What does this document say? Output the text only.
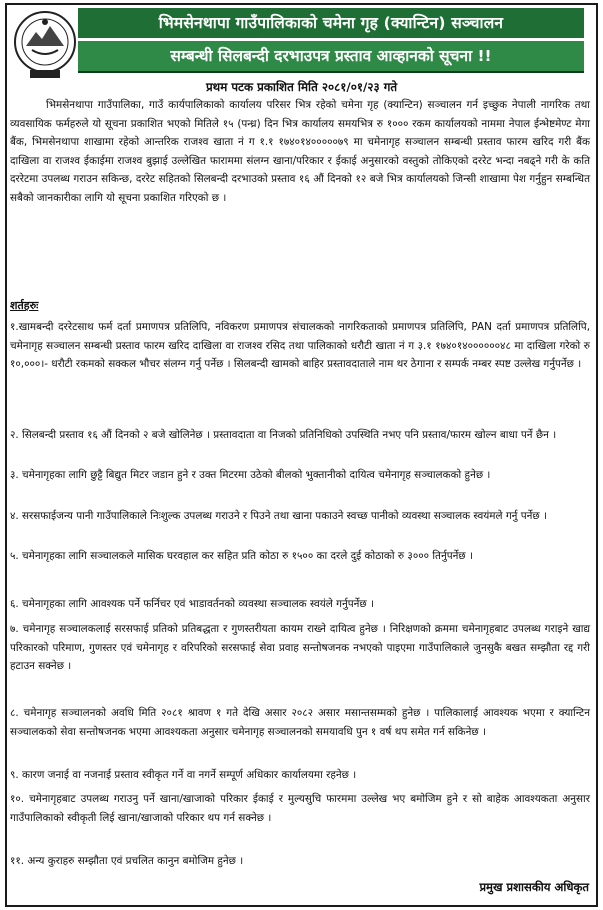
भिमसेनथापा गाउँपालिकाको चमेना गृह (क्यान्टिन) सञ्चालन
सम्बन्धी सिलबन्दी दरभाउपत्र प्रस्ताव आव्हानको सूचना !!
प्रथम पटक प्रकाशित मिति २०८१/०१/२३ गते
भिमसेनथापा गाउँपालिका, गाउँ कार्यपालिकाको कार्यालय परिसर भित्र रहेको चमेना गृह (क्यान्टिन) सञ्चालन गर्न इच्छुक नेपाली नागरिक तथा व्यवसायिक फर्महरुले यो सूचना प्रकाशित भएको मितिले १५ (पन्ध्र) दिन भित्र कार्यालय समयभित्र रु १००० रकम कार्यालयको नाममा नेपाल ईन्भेष्टमेण्ट मेगा बैंक, भिमसेनथापा शाखामा रहेको आन्तरिक राजश्व खाता नं ग १.१ १७४०१४०००००७९ मा चमेनागृह सञ्चालन सम्बन्धी प्रस्ताव फारम खरिद गरी बैंक दाखिला वा राजश्व ईकाईमा राजश्व बुझाई उल्लेखित फाराममा संलग्न खाना/परिकार र ईकाई अनुसारको वस्तुको तोकिएको दररेट भन्दा नबढ्ने गरी के कति दररेटमा उपलब्ध गराउन सकिन्छ, दररेट सहितको सिलबन्दी दरभाउको प्रस्ताव १६ औं दिनको १२ बजे भित्र कार्यालयको जिन्सी शाखामा पेश गर्नुहुन सम्बन्धित सबैको जानकारीका लागि यो सूचना प्रकाशित गरिएको छ ।
शर्तहरुः
१.खामबन्दी दररेटसाथ फर्म दर्ता प्रमाणपत्र प्रतिलिपि, नविकरण प्रमाणपत्र संचालकको नागरिकताको प्रमाणपत्र प्रतिलिपि, PAN दर्ता प्रमाणपत्र प्रतिलिपि, चमेनागृह सञ्चालन सम्बन्धी प्रस्ताव फारम खरिद दाखिला वा राजश्व रसिद तथा पालिकाको धरौटी खाता नं ग ३.१ १७४०१४००००००४८ मा दाखिला गरेको रु १०,०००।- धरौटी रकमको सक्कल भौचर संलग्न गर्नु पर्नेछ । सिलबन्दी खामको बाहिर प्रस्तावदाताले नाम थर ठेगाना र सम्पर्क नम्बर स्पष्ट उल्लेख गर्नुपर्नेछ ।
२. सिलबन्दी प्रस्ताव १६ औं दिनको २ बजे खोलिनेछ । प्रस्तावदाता वा निजको प्रतिनिधिको उपस्थिति नभए पनि प्रस्ताव/फारम खोल्न बाधा पर्ने छैन ।
३. चमेनागृहका लागि छुट्टै बिद्युत मिटर जडान हुने र उक्त मिटरमा उठेको बीलको भुक्तानीको दायित्व चमेनागृह सञ्चालकको हुनेछ ।
४. सरसफाईजन्य पानी गाउँपालिकाले निःशुल्क उपलब्ध गराउने र पिउने तथा खाना पकाउने स्वच्छ पानीको व्यवस्था सञ्चालक स्वयंमले गर्नु पर्नेछ ।
५. चमेनागृहका लागि सञ्चालकले मासिक घरवहाल कर सहित प्रति कोठा रु १५०० का दरले दुई कोठाको रु ३००० तिर्नुपर्नेछ ।
६. चमेनागृहका लागि आवश्यक पर्ने फर्निचर एवं भाडावर्तनको व्यवस्था सञ्चालक स्वयंले गर्नुपर्नेछ ।
७. चमेनागृह सञ्चालकलाई सरसफाई प्रतिको प्रतिबद्धता र गुणस्तरीयता कायम राख्ने दायित्व हुनेछ । निरिक्षणको क्रममा चमेनागृहबाट उपलब्ध गराइने खाद्य परिकारको परिमाण, गुणस्तर एवं चमेनागृह र वरिपरिको सरसफाई सेवा प्रवाह सन्तोषजनक नभएको पाइएमा गाउँपालिकाले जुनसुकै बखत सम्झौता रद्द गरी हटाउन सक्नेछ ।
८. चमेनागृह सञ्चालनको अवधि मिति २०८१ श्रावण १ गते देखि असार २०८२ असार मसान्तसम्मको हुनेछ । पालिकालाई आवश्यक भएमा र क्यान्टिन सञ्चालकको सेवा सन्तोषजनक भएमा आवश्यकता अनुसार चमेनागृह सञ्चालनको समयावधि पुन १ वर्ष थप समेत गर्न सकिनेछ ।
९. कारण जनाई वा नजनाई प्रस्ताव स्वीकृत गर्ने वा नगर्ने सम्पूर्ण अधिकार कार्यालयमा रहनेछ ।
१०. चमेनागृहबाट उपलब्ध गराउनु पर्ने खाना/खाजाको परिकार ईकाई र मुल्यसुचि फारममा उल्लेख भए बमोजिम हुने र सो बाहेक आवश्यकता अनुसार गाउँपालिकाको स्वीकृती लिई खाना/खाजाको परिकार थप गर्न सक्नेछ ।
११. अन्य कुराहरु सम्झौता एवं प्रचलित कानुन बमोजिम हुनेछ ।
प्रमुख प्रशासकीय अधिकृत
